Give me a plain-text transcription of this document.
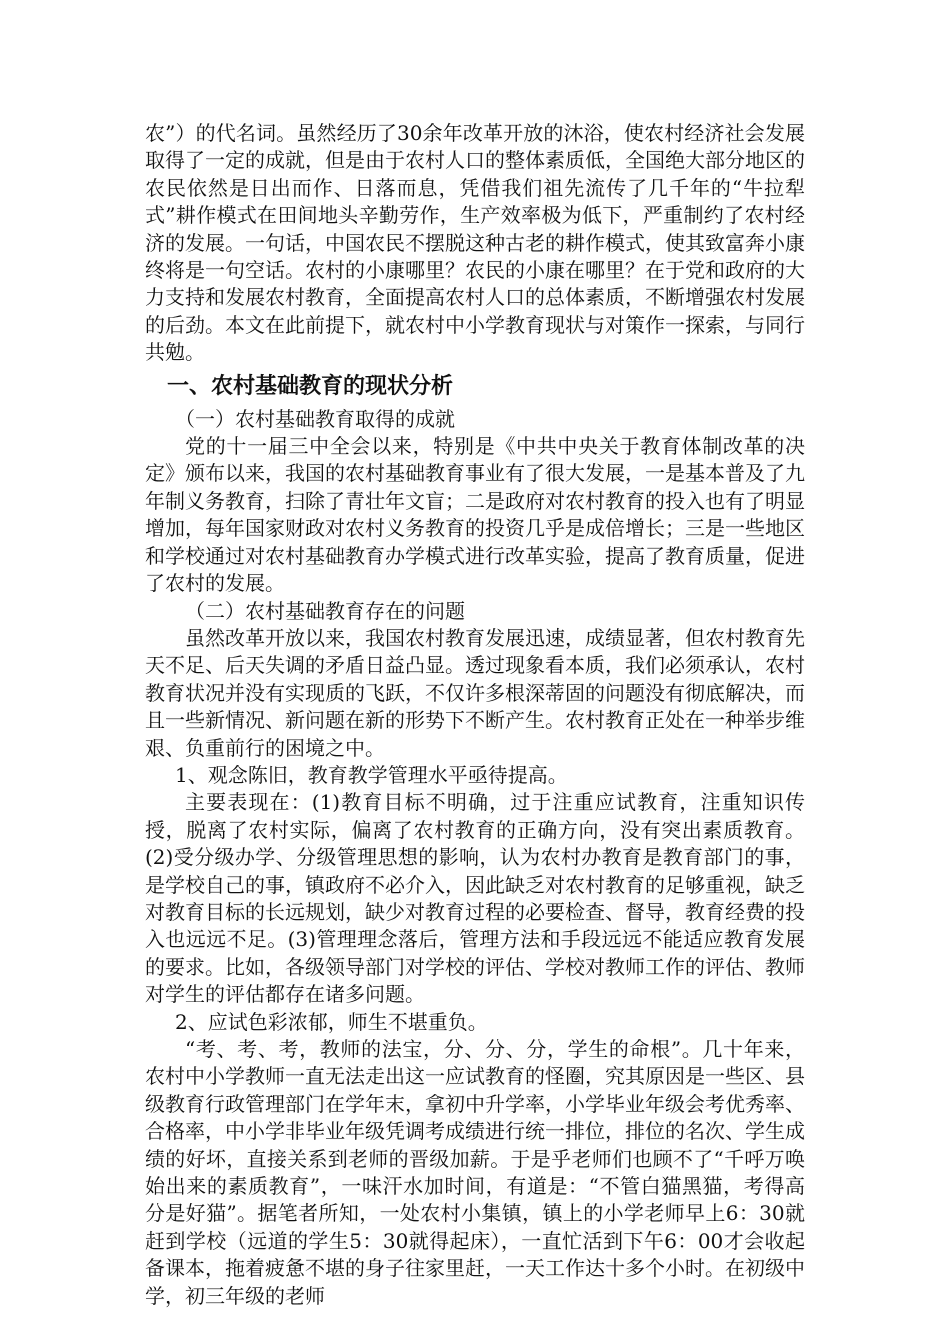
农”）的代名词。虽然经历了30余年改革开放的沐浴，使农村经济社会发展取得了一定的成就，但是由于农村人口的整体素质低，全国绝大部分地区的农民依然是日出而作、日落而息，凭借我们祖先流传了几千年的“牛拉犁式”耕作模式在田间地头辛勤劳作，生产效率极为低下，严重制约了农村经济的发展。一句话，中国农民不摆脱这种古老的耕作模式，使其致富奔小康终将是一句空话。农村的小康哪里？农民的小康在哪里？在于党和政府的大力支持和发展农村教育，全面提高农村人口的总体素质，不断增强农村发展的后劲。本文在此前提下，就农村中小学教育现状与对策作一探索，与同行共勉。

一、农村基础教育的现状分析

（一）农村基础教育取得的成就

党的十一届三中全会以来，特别是《中共中央关于教育体制改革的决定》颁布以来，我国的农村基础教育事业有了很大发展，一是基本普及了九年制义务教育，扫除了青壮年文盲；二是政府对农村教育的投入也有了明显增加，每年国家财政对农村义务教育的投资几乎是成倍增长；三是一些地区和学校通过对农村基础教育办学模式进行改革实验，提高了教育质量，促进了农村的发展。

（二）农村基础教育存在的问题

虽然改革开放以来，我国农村教育发展迅速，成绩显著，但农村教育先天不足、后天失调的矛盾日益凸显。透过现象看本质，我们必须承认，农村教育状况并没有实现质的飞跃，不仅许多根深蒂固的问题没有彻底解决，而且一些新情况、新问题在新的形势下不断产生。农村教育正处在一种举步维艰、负重前行的困境之中。

1、观念陈旧，教育教学管理水平亟待提高。

主要表现在：(1)教育目标不明确，过于注重应试教育，注重知识传授，脱离了农村实际，偏离了农村教育的正确方向，没有突出素质教育。(2)受分级办学、分级管理思想的影响，认为农村办教育是教育部门的事，是学校自己的事，镇政府不必介入，因此缺乏对农村教育的足够重视，缺乏对教育目标的长远规划，缺少对教育过程的必要检查、督导，教育经费的投入也远远不足。(3)管理理念落后，管理方法和手段远远不能适应教育发展的要求。比如，各级领导部门对学校的评估、学校对教师工作的评估、教师对学生的评估都存在诸多问题。

2、应试色彩浓郁，师生不堪重负。

“考、考、考，教师的法宝，分、分、分，学生的命根”。几十年来，农村中小学教师一直无法走出这一应试教育的怪圈，究其原因是一些区、县级教育行政管理部门在学年末，拿初中升学率，小学毕业年级会考优秀率、合格率，中小学非毕业年级凭调考成绩进行统一排位，排位的名次、学生成绩的好坏，直接关系到老师的晋级加薪。于是乎老师们也顾不了“千呼万唤始出来的素质教育”，一味汗水加时间，有道是：“不管白猫黑猫，考得高分是好猫”。据笔者所知，一处农村小集镇，镇上的小学老师早上6：30就赶到学校（远道的学生5：30就得起床），一直忙活到下午6：00才会收起备课本，拖着疲惫不堪的身子往家里赶，一天工作达十多个小时。在初级中学，初三年级的老师
